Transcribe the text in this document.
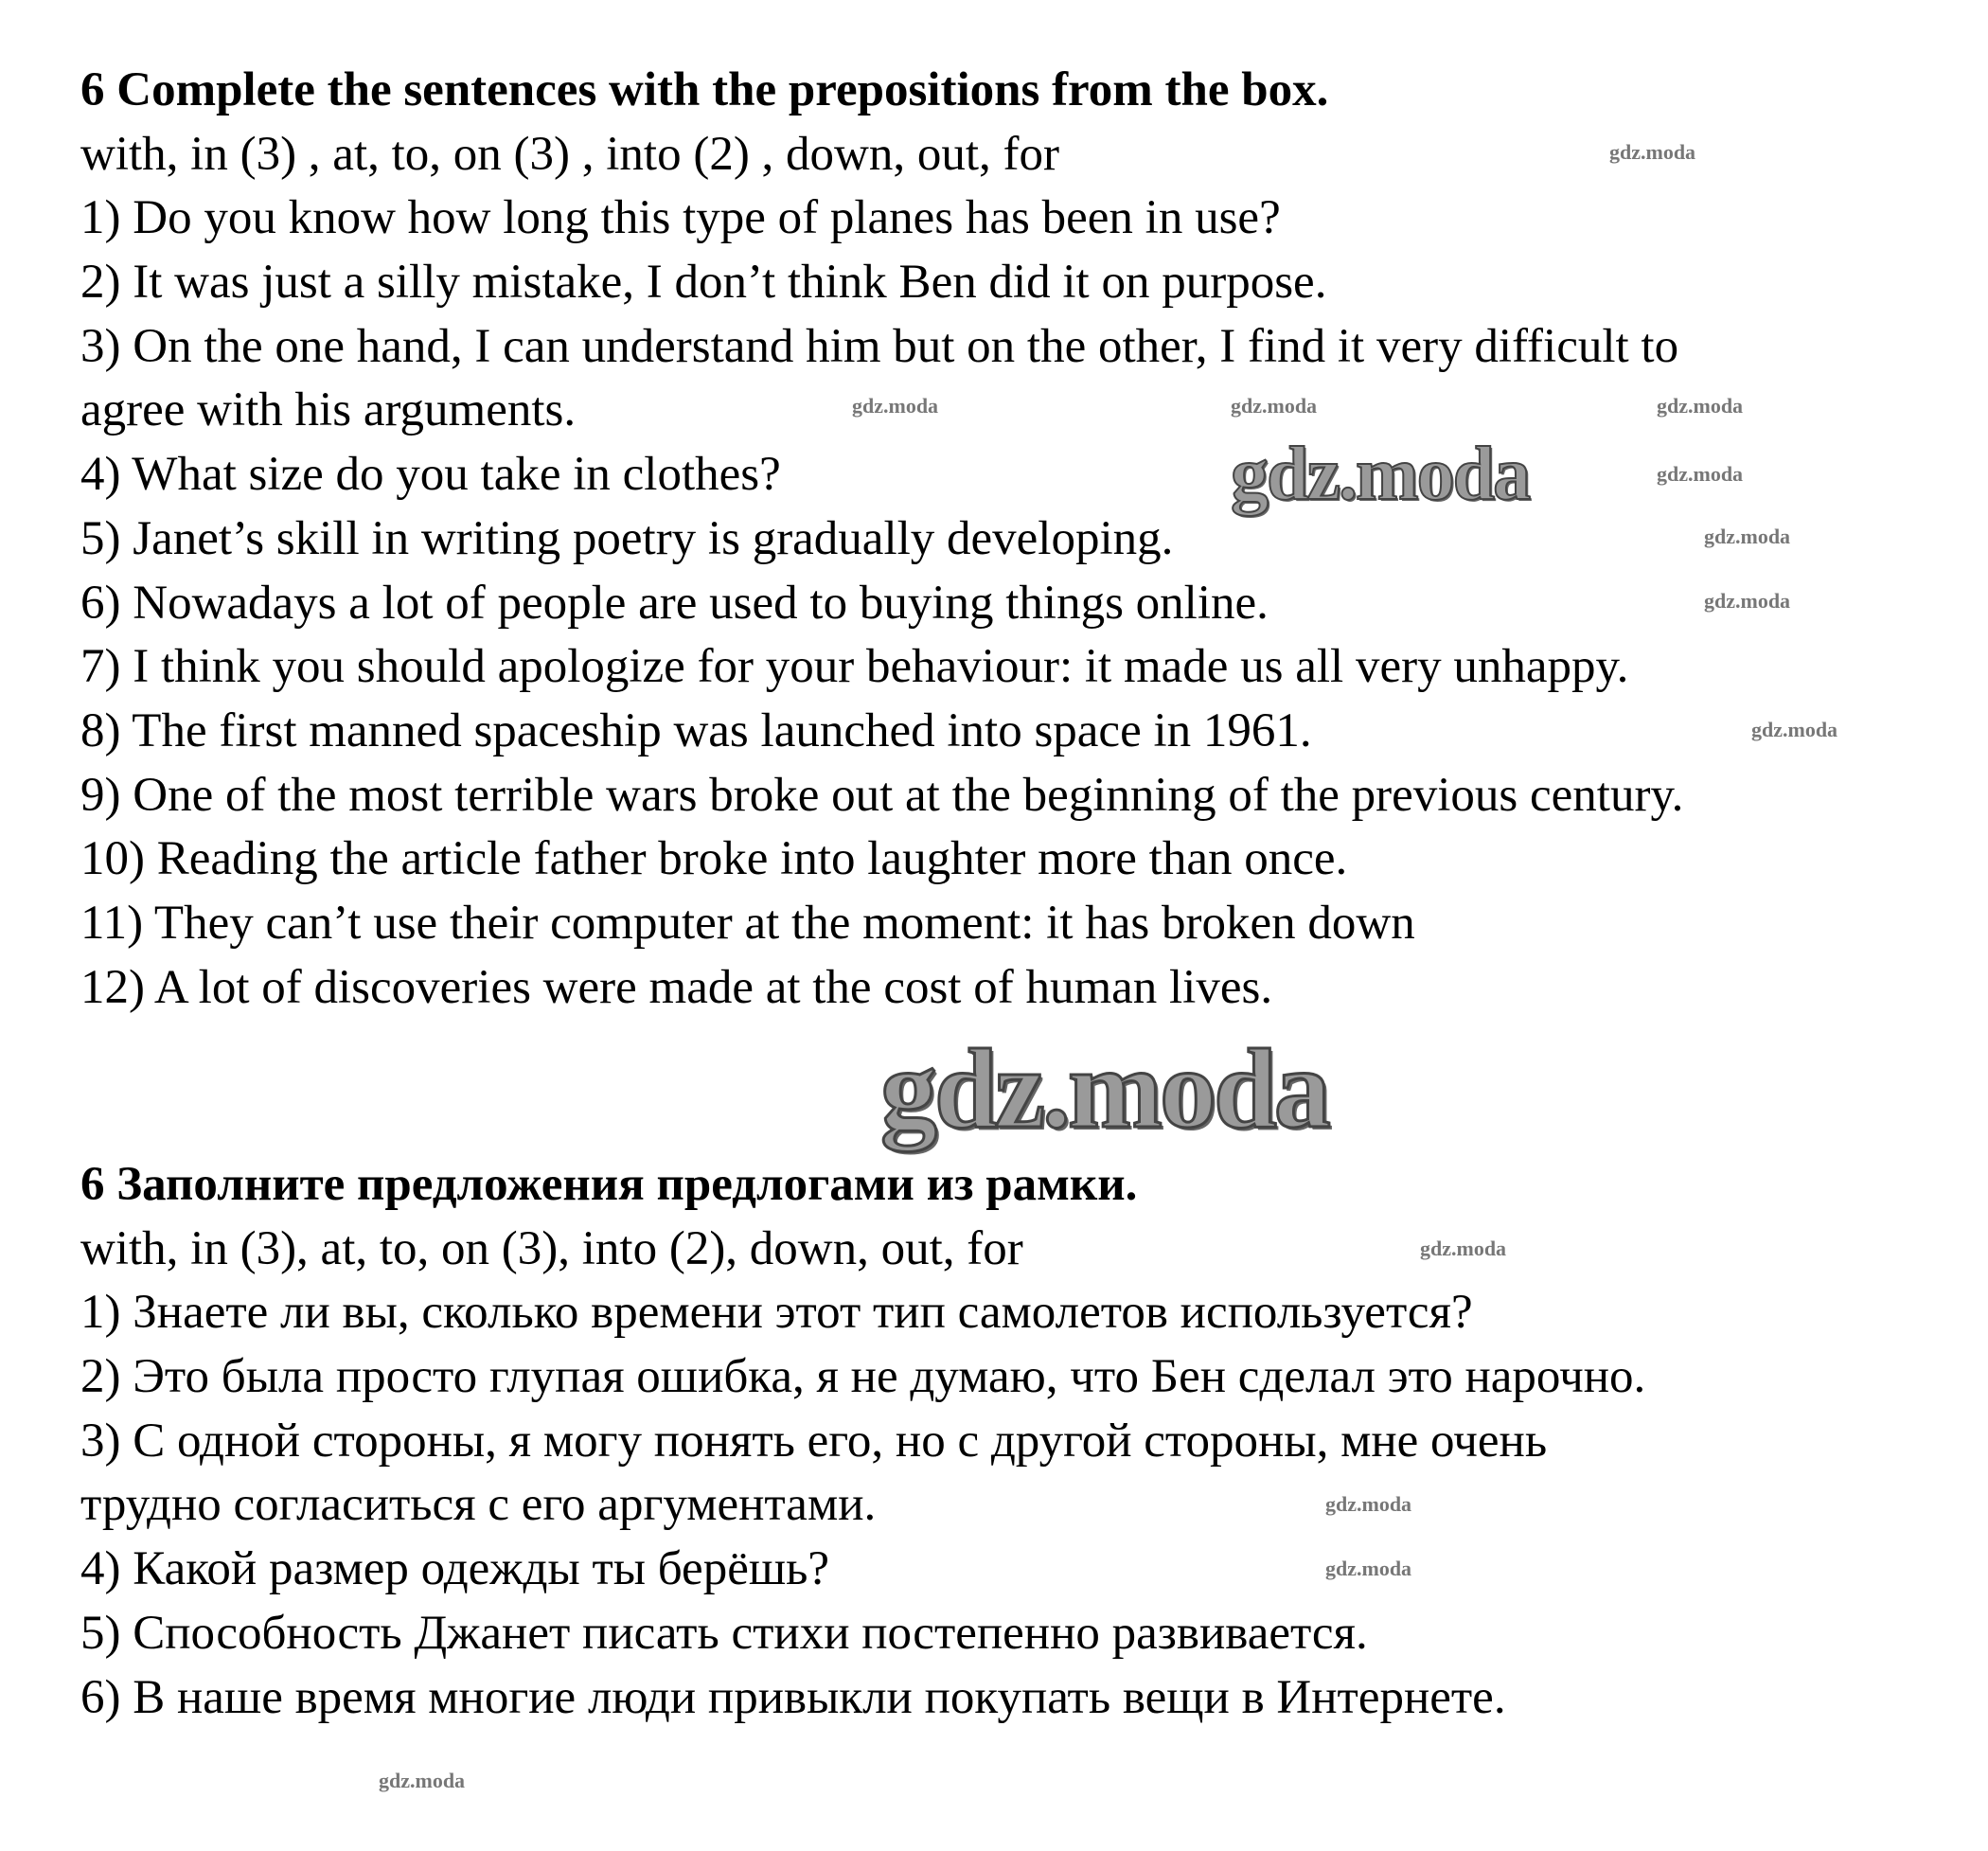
6 Complete the sentences with the prepositions from the box.
with, in (3) , at, to, on (3) , into (2) , down, out, for
1) Do you know how long this type of planes has been in use?
2) It was just a silly mistake, I don’t think Ben did it on purpose.
3) On the one hand, I can understand him but on the other, I find it very difficult to
agree with his arguments.
4) What size do you take in clothes?
5) Janet’s skill in writing poetry is gradually developing.
6) Nowadays a lot of people are used to buying things online.
7) I think you should apologize for your behaviour: it made us all very unhappy.
8) The first manned spaceship was launched into space in 1961.
9) One of the most terrible wars broke out at the beginning of the previous century.
10) Reading the article father broke into laughter more than once.
11) They can’t use their computer at the moment: it has broken down
12) A lot of discoveries were made at the cost of human lives.
6 Заполните предложения предлогами из рамки.
with, in (3), at, to, on (3), into (2), down, out, for
1) Знаете ли вы, сколько времени этот тип самолетов используется?
2) Это была просто глупая ошибка, я не думаю, что Бен сделал это нарочно.
3) С одной стороны, я могу понять его, но с другой стороны, мне очень
трудно согласиться с его аргументами.
4) Какой размер одежды ты берёшь?
5) Способность Джанет писать стихи постепенно развивается.
6) В наше время многие люди привыкли покупать вещи в Интернете.
gdz.moda
gdz.moda
gdz.moda
gdz.moda	gdz.moda	gdz.moda
gdz.moda
gdz.moda
gdz.moda
gdz.moda
gdz.moda
gdz.moda
gdz.moda
gdz.moda
